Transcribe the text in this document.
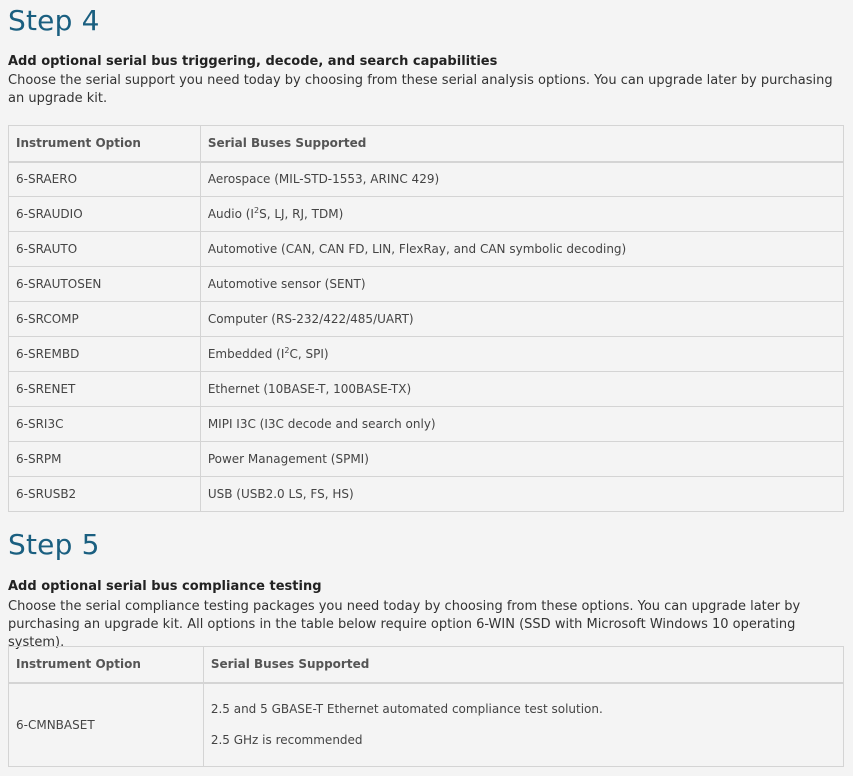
Step 4
Add optional serial bus triggering, decode, and search capabilities
Choose the serial support you need today by choosing from these serial analysis options. You can upgrade later by purchasing an upgrade kit.
Instrument Option	Serial Buses Supported
6-SRAERO	Aerospace (MIL-STD-1553, ARINC 429)
6-SRAUDIO	Audio ($I^2S$, LJ, RJ, TDM)
6-SRAUTO	Automotive (CAN, CAN FD, LIN, FlexRay, and CAN symbolic decoding)
6-SRAUTOSEN	Automotive sensor (SENT)
6-SRCOMP	Computer (RS-232/422/485/UART)
6-SREMBD	Embedded ($I^2C$, SPI)
6-SRENET	Ethernet (10BASE-T, 100BASE-TX)
6-SRI3C	MIPI I3C (I3C decode and search only)
6-SRPM	Power Management (SPMI)
6-SRUSB2	USB (USB2.0 LS, FS, HS)
Step 5
Add optional serial bus compliance testing
Choose the serial compliance testing packages you need today by choosing from these options. You can upgrade later by purchasing an upgrade kit. All options in the table below require option 6-WIN (SSD with Microsoft Windows 10 operating system).
Instrument Option	Serial Buses Supported
6-CMNBASET	2.5 and 5 GBASE-T Ethernet automated compliance test solution.

2.5 GHz is recommended
